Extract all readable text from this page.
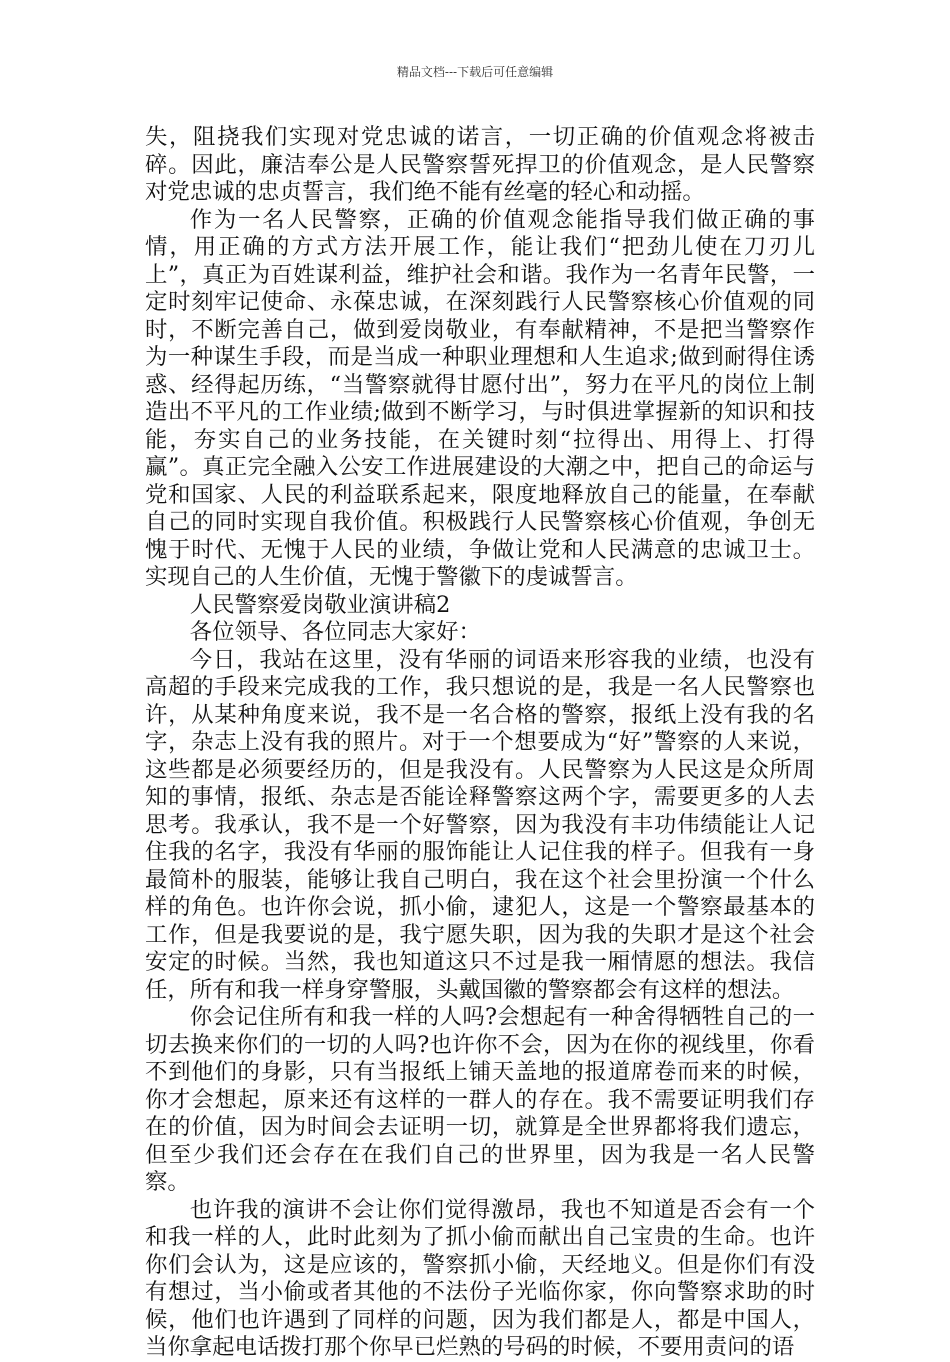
精品文档---下载后可任意编辑

失，阻挠我们实现对党忠诚的诺言，一切正确的价值观念将被击碎。因此，廉洁奉公是人民警察誓死捍卫的价值观念，是人民警察对党忠诚的忠贞誓言，我们绝不能有丝毫的轻心和动摇。

作为一名人民警察，正确的价值观念能指导我们做正确的事情，用正确的方式方法开展工作，能让我们“把劲儿使在刀刃儿上”，真正为百姓谋利益，维护社会和谐。我作为一名青年民警，一定时刻牢记使命、永葆忠诚，在深刻践行人民警察核心价值观的同时，不断完善自己，做到爱岗敬业，有奉献精神，不是把当警察作为一种谋生手段，而是当成一种职业理想和人生追求;做到耐得住诱惑、经得起历练，“当警察就得甘愿付出”，努力在平凡的岗位上制造出不平凡的工作业绩;做到不断学习，与时俱进掌握新的知识和技能，夯实自己的业务技能，在关键时刻“拉得出、用得上、打得赢”。真正完全融入公安工作进展建设的大潮之中，把自己的命运与党和国家、人民的利益联系起来，限度地释放自己的能量，在奉献自己的同时实现自我价值。积极践行人民警察核心价值观，争创无愧于时代、无愧于人民的业绩，争做让党和人民满意的忠诚卫士。实现自己的人生价值，无愧于警徽下的虔诚誓言。

人民警察爱岗敬业演讲稿2

各位领导、各位同志大家好：

今日，我站在这里，没有华丽的词语来形容我的业绩，也没有高超的手段来完成我的工作，我只想说的是，我是一名人民警察也许，从某种角度来说，我不是一名合格的警察，报纸上没有我的名字，杂志上没有我的照片。对于一个想要成为“好”警察的人来说，这些都是必须要经历的，但是我没有。人民警察为人民这是众所周知的事情，报纸、杂志是否能诠释警察这两个字，需要更多的人去思考。我承认，我不是一个好警察，因为我没有丰功伟绩能让人记住我的名字，我没有华丽的服饰能让人记住我的样子。但我有一身最简朴的服装，能够让我自己明白，我在这个社会里扮演一个什么样的角色。也许你会说，抓小偷，逮犯人，这是一个警察最基本的工作，但是我要说的是，我宁愿失职，因为我的失职才是这个社会安定的时候。当然，我也知道这只不过是我一厢情愿的想法。我信任，所有和我一样身穿警服，头戴国徽的警察都会有这样的想法。

你会记住所有和我一样的人吗?会想起有一种舍得牺牲自己的一切去换来你们的一切的人吗?也许你不会，因为在你的视线里，你看不到他们的身影，只有当报纸上铺天盖地的报道席卷而来的时候，你才会想起，原来还有这样的一群人的存在。我不需要证明我们存在的价值，因为时间会去证明一切，就算是全世界都将我们遗忘，但至少我们还会存在在我们自己的世界里，因为我是一名人民警察。

也许我的演讲不会让你们觉得激昂，我也不知道是否会有一个和我一样的人，此时此刻为了抓小偷而献出自己宝贵的生命。也许你们会认为，这是应该的，警察抓小偷，天经地义。但是你们有没有想过，当小偷或者其他的不法份子光临你家，你向警察求助的时候，他们也许遇到了同样的问题，因为我们都是人，都是中国人，当你拿起电话拨打那个你早已烂熟的号码的时候，不要用责问的语
